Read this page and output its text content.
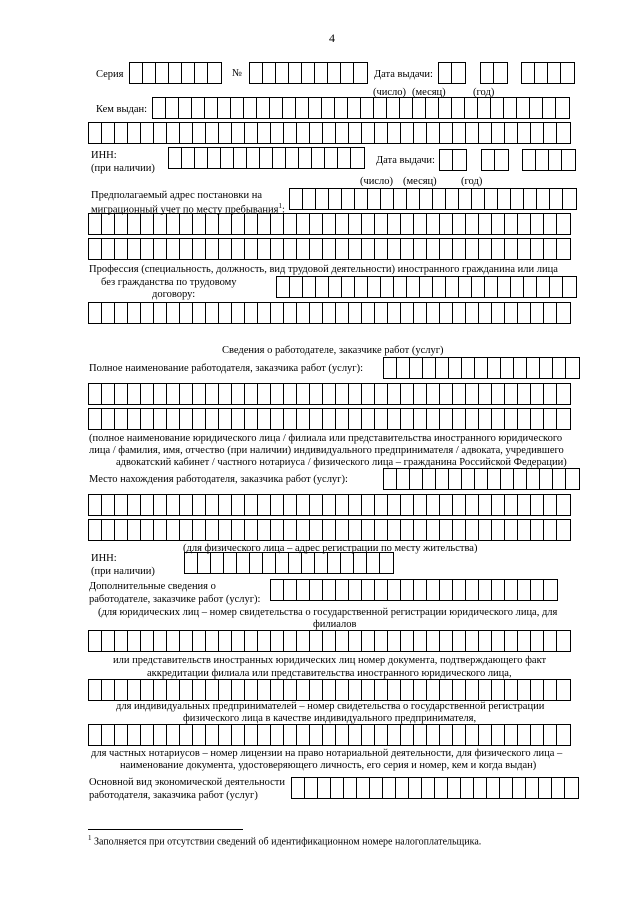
4
Серия	№	Дата выдачи:
(число) (месяц)	(год)
Кем выдан:
ИНН:
(при наличии)
Дата выдачи:
(число) (месяц) (год)
Предполагаемый адрес постановки на
миграционный учет по месту пребывания$^1$:
Профессия (специальность, должность, вид трудовой деятельности) иностранного гражданина или лица
без гражданства по трудовому
договору:
Сведения о работодателе, заказчике работ (услуг)
Полное наименование работодателя, заказчика работ (услуг):
(полное наименование юридического лица / филиала или представительства иностранного юридического
лица / фамилия, имя, отчество (при наличии) индивидуального предпринимателя / адвоката, учредившего
адвокатский кабинет / частного нотариуса / физического лица – гражданина Российской Федерации)
Место нахождения работодателя, заказчика работ (услуг):
(для физического лица – адрес регистрации по месту жительства)
ИНН:
(при наличии)
Дополнительные сведения о
работодателе, заказчике работ (услуг):
(для юридических лиц – номер свидетельства о государственной регистрации юридического лица, для
филиалов
или представительств иностранных юридических лиц номер документа, подтверждающего факт
аккредитации филиала или представительства иностранного юридического лица,
для индивидуальных предпринимателей – номер свидетельства о государственной регистрации
физического лица в качестве индивидуального предпринимателя,
для частных нотариусов – номер лицензии на право нотариальной деятельности, для физического лица –
наименование документа, удостоверяющего личность, его серия и номер, кем и когда выдан)
Основной вид экономической деятельности
работодателя, заказчика работ (услуг)
$^1$ Заполняется при отсутствии сведений об идентификационном номере налогоплательщика.
